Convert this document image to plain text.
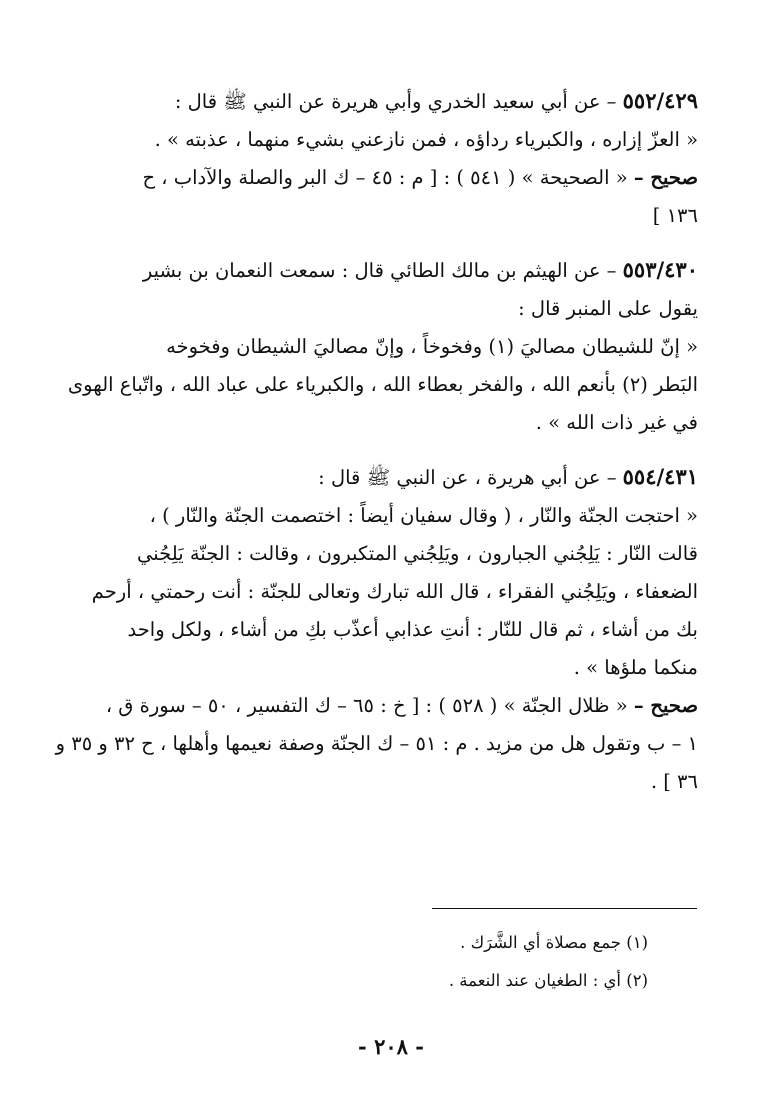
٥٥٢/٤٢٩ – عن أبي سعيد الخدري وأبي هريرة عن النبي ﷺ قال :
« العزّ إزاره ، والكبرياء رداؤه ، فمن نازعني بشيء منهما ، عذبته » .
صحيح – « الصحيحة » ( ٥٤١ ) : [ م : ٤٥ – ك البر والصلة والآداب ، ح
١٣٦ ]
٥٥٣/٤٣٠ – عن الهيثم بن مالك الطائي قال : سمعت النعمان بن بشير
يقول على المنبر قال :
« إنّ للشيطان مصاليَ (١) وفخوخاً ، وإنّ مصاليَ الشيطان وفخوخه
البَطر (٢) بأنعم الله ، والفخر بعطاء الله ، والكبرياء على عباد الله ، واتّباع الهوى
في غير ذات الله » .
٥٥٤/٤٣١ – عن أبي هريرة ، عن النبي ﷺ قال :
« احتجت الجنّة والنّار ، ( وقال سفيان أيضاً : اختصمت الجنّة والنّار ) ،
قالت النّار : يَلِجُني الجبارون ، ويَلِجُني المتكبرون ، وقالت : الجنّة يَلِجُني
الضعفاء ، ويَلِجُني الفقراء ، قال الله تبارك وتعالى للجنّة : أنت رحمتي ، أرحم
بك من أشاء ، ثم قال للنّار : أنتِ عذابي أعذّب بكِ من أشاء ، ولكل واحد
منكما ملؤها » .
صحيح – « ظلال الجنّة » ( ٥٢٨ ) : [ خ : ٦٥ – ك التفسير ، ٥٠ – سورة ق ،
١ – ب وتقول هل من مزيد . م : ٥١ – ك الجنّة وصفة نعيمها وأهلها ، ح ٣٢ و ٣٥ و
٣٦ ] .
(١) جمع مصلاة أي الشَّرَك .
(٢) أي : الطغيان عند النعمة .
- ٢٠٨ -
